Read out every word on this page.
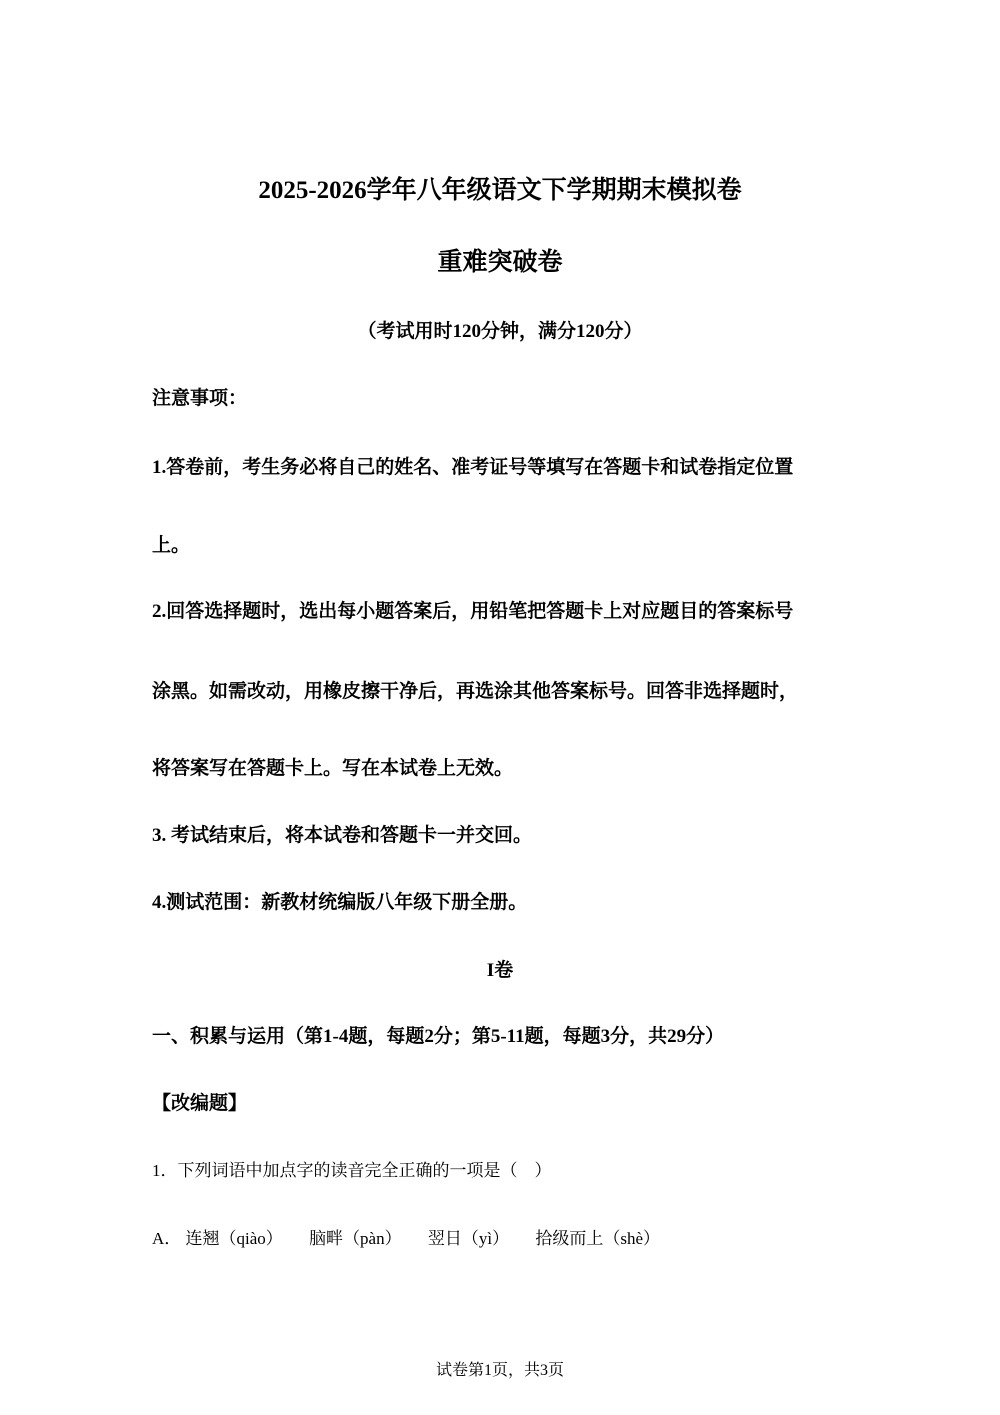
2025-2026学年八年级语文下学期期末模拟卷
重难突破卷
（考试用时120分钟，满分120分）
注意事项：
1.答卷前，考生务必将自己的姓名、准考证号等填写在答题卡和试卷指定位置
上。
2.回答选择题时，选出每小题答案后，用铅笔把答题卡上对应题目的答案标号
涂黑。如需改动，用橡皮擦干净后，再选涂其他答案标号。回答非选择题时，
将答案写在答题卡上。写在本试卷上无效。
3. 考试结束后，将本试卷和答题卡一并交回。
4.测试范围：新教材统编版八年级下册全册。
I卷
一、积累与运用（第1-4题，每题2分；第5-11题，每题3分，共29分）
【改编题】
1．下列词语中加点字的读音完全正确的一项是（　）
A． 连翘（qiào） 脑畔（pàn） 翌日（yì） 拾级而上（shè）
试卷第1页，共3页
